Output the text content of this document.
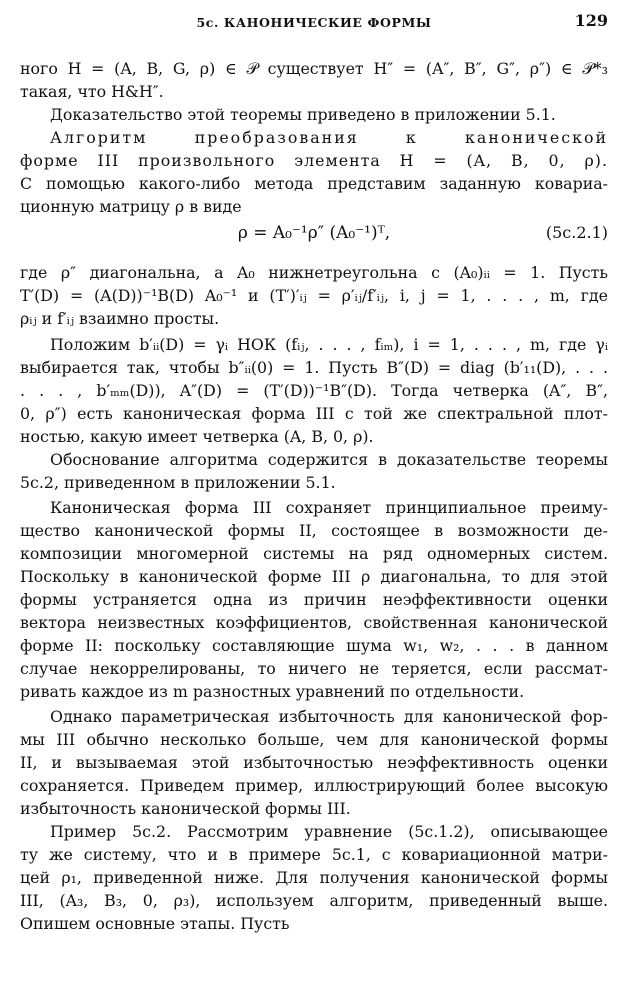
5с. КАНОНИЧЕСКИЕ ФОРМЫ	129
ного H = (A, B, G, ρ) ∈ 𝒫 существует H″ = (A″, B″, G″, ρ″) ∈ 𝒫*₃
такая, что H&H″.
Доказательство этой теоремы приведено в приложении 5.1.
Алгоритм преобразования к канонической
форме III произвольного элемента H = (A, B, 0, ρ).
С помощью какого-либо метода представим заданную ковариа-
ционную матрицу ρ в виде
ρ = A₀⁻¹ρ″ (A₀⁻¹)ᵀ,	(5с.2.1)
где ρ″ диагональна, а A₀ нижнетреугольна с (A₀)ᵢᵢ = 1. Пусть
T′(D) = (A(D))⁻¹B(D) A₀⁻¹ и (T′)′ᵢⱼ = ρ′ᵢⱼ/f′ᵢⱼ, i, j = 1, . . . , m, где
ρᵢⱼ и f′ᵢⱼ взаимно просты.
Положим b′ᵢᵢ(D) = γᵢ НОК (fᵢⱼ, . . . , fᵢₘ), i = 1, . . . , m, где γᵢ
выбирается так, чтобы b″ᵢᵢ(0) = 1. Пусть B″(D) = diag (b′₁₁(D), . . .
. . . , b′ₘₘ(D)), A″(D) = (T′(D))⁻¹B″(D). Тогда четверка (A″, B″,
0, ρ″) есть каноническая форма III с той же спектральной плот-
ностью, какую имеет четверка (A, B, 0, ρ).
Обоснование алгоритма содержится в доказательстве теоремы
5с.2, приведенном в приложении 5.1.
Каноническая форма III сохраняет принципиальное преиму-
щество канонической формы II, состоящее в возможности де-
композиции многомерной системы на ряд одномерных систем.
Поскольку в канонической форме III ρ диагональна, то для этой
формы устраняется одна из причин неэффективности оценки
вектора неизвестных коэффициентов, свойственная канонической
форме II: поскольку составляющие шума w₁, w₂, . . . в данном
случае некоррелированы, то ничего не теряется, если рассмат-
ривать каждое из m разностных уравнений по отдельности.
Однако параметрическая избыточность для канонической фор-
мы III обычно несколько больше, чем для канонической формы
II, и вызываемая этой избыточностью неэффективность оценки
сохраняется. Приведем пример, иллюстрирующий более высокую
избыточность канонической формы III.
Пример 5с.2. Рассмотрим уравнение (5с.1.2), описывающее
ту же систему, что и в примере 5с.1, с ковариационной матри-
цей ρ₁, приведенной ниже. Для получения канонической формы
III, (A₃, B₃, 0, ρ₃), используем алгоритм, приведенный выше.
Опишем основные этапы. Пусть
